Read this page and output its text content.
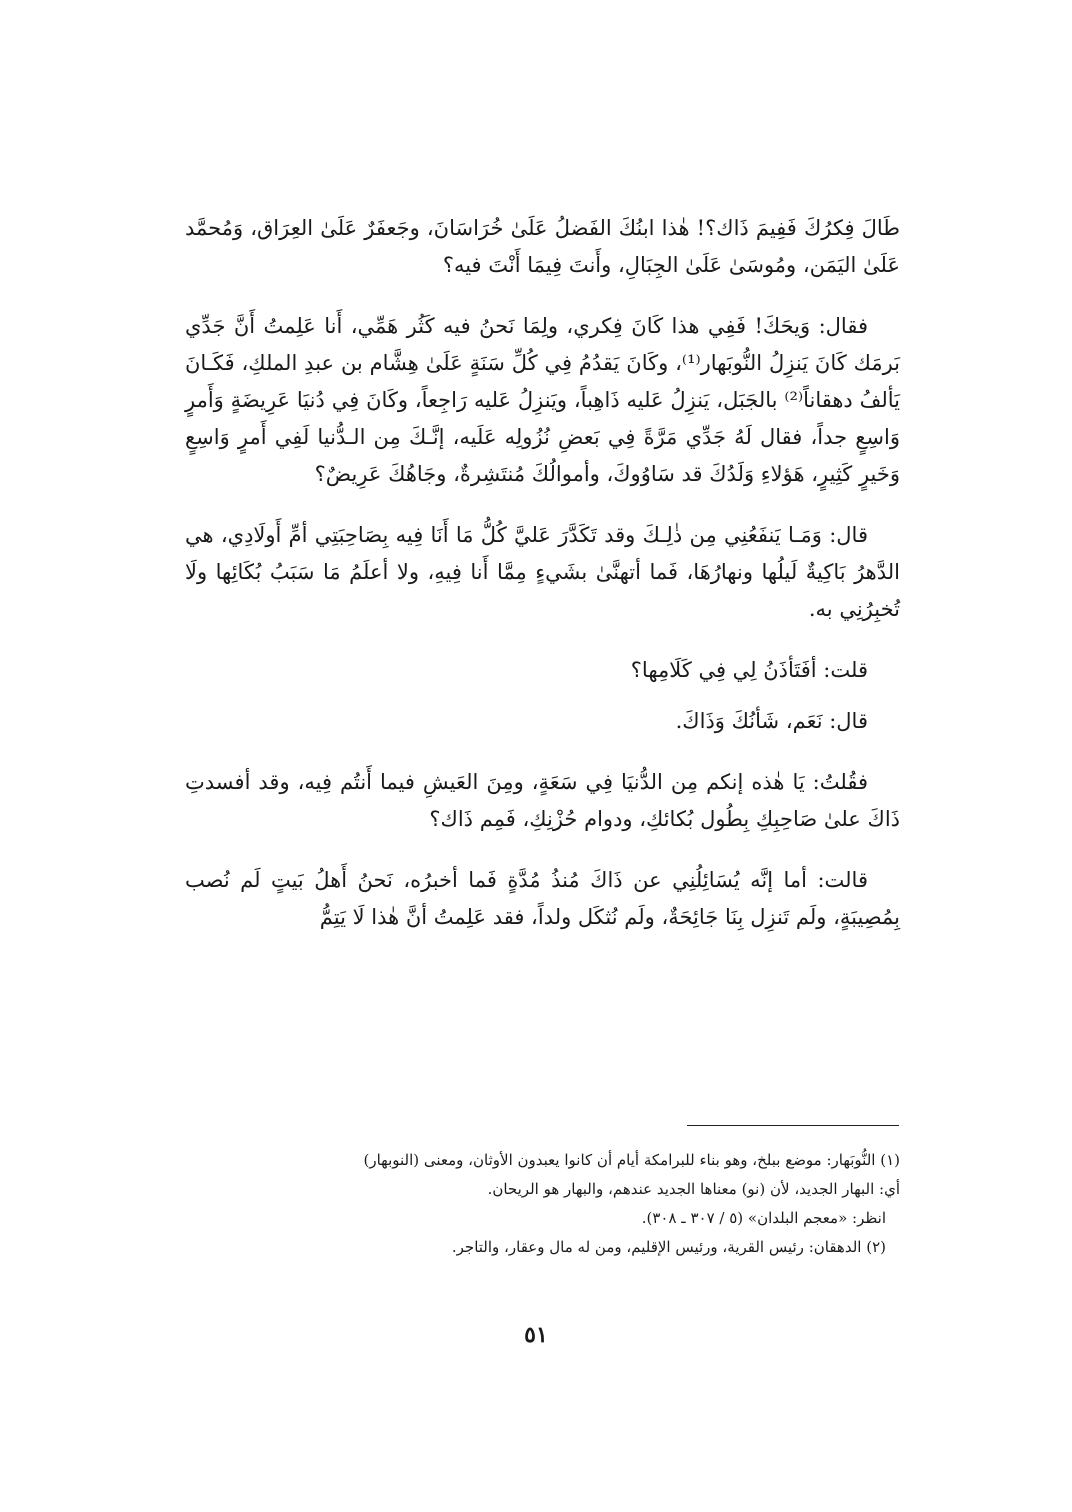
طَالَ فِكرُكَ فَفِيمَ ذَاك؟! هٰذا ابنُكَ الفَضلُ عَلَىٰ خُرَاسَانَ، وجَعفَرٌ عَلَىٰ العِرَاق، وَمُحمَّد عَلَىٰ اليَمَن، ومُوسَىٰ عَلَىٰ الجِبَالِ، وأَنتَ فِيمَا أَنْتَ فيه؟

فقال: وَيحَكَ! فَفِي هذا كَانَ فِكري، ولِمَا نَحنُ فيه كَثُر هَمِّي، أَنا عَلِمتُ أَنَّ جَدِّي بَرمَك كَانَ يَنزِلُ النُّوبَهار⁽¹⁾، وكَانَ يَقدُمُ فِي كُلِّ سَنَةٍ عَلَىٰ هِشَّام بن عبدِ الملكِ، فَكَـانَ يَألفُ دهقاناً⁽²⁾ بالجَبَل، يَنزِلُ عَليه ذَاهِباً، ويَنزِلُ عَليه رَاجِعاً، وكَانَ فِي دُنيَا عَرِيضَةٍ وَأَمرٍ وَاسِعٍ جداً، فقال لَهُ جَدِّي مَرَّةً فِي بَعضِ نُزُولِه عَلَيه، إنَّـكَ مِن الـدُّنيا لَفِي أَمرٍ وَاسِعٍ وَخَيرٍ كَثِيرٍ، هَؤلاءِ وَلَدُكَ قد سَاوُوكَ، وأموالُكَ مُنتَشِرةٌ، وجَاهُكَ عَرِيضٌ؟

قال: وَمَـا يَنفَعُنِي مِن ذٰلِـكَ وقد تَكَدَّرَ عَليَّ كُلُّ مَا أَنَا فِيه بِصَاحِبَتِي أمِّ أَولَادِي، هي الدَّهرُ بَاكِيةٌ لَيلُها ونهارُهَا، فَما أتهنَّىٰ بشَيءٍ مِمَّا أَنا فِيهِ، ولا أعلَمُ مَا سَبَبُ بُكَائِها ولَا تُخبِرُنِي به.

قلت: أفَتَأذَنُ لِي فِي كَلَامِها؟

قال: نَعَم، شَأنُكَ وَذَاكَ.

فقُلتُ: يَا هٰذه إنكم مِن الدُّنيَا فِي سَعَةٍ، ومِنَ العَيشِ فيما أَنتُم فِيه، وقد أفسدتِ ذَاكَ علىٰ صَاحِبِكِ بِطُول بُكائكِ، ودوام حُزْنِكِ، فَمِم ذَاك؟

قالت: أما إنَّه يُسَائِلُنِي عن ذَاكَ مُنذُ مُدَّةٍ فَما أخبرُه، نَحنُ أَهلُ بَيتٍ لَم نُصب بِمُصِيبَةٍ، ولَم تَنزِل بِنَا جَائِحَةٌ، ولَم نُثكَل ولداً، فقد عَلِمتُ أنَّ هٰذا لَا يَتِمُّ

(١) النُّوبَهار: موضع ببلخ، وهو بناء للبرامكة أيام أن كانوا يعبدون الأوثان، ومعنى (النوبهار)

أي: البهار الجديد، لأن (نو) معناها الجديد عندهم، والبهار هو الريحان.

انظر: «معجم البلدان» (٥ / ٣٠٧ ـ ٣٠٨).

(٢) الدهقان: رئيس القرية، ورئيس الإقليم، ومن له مال وعقار، والتاجر.

٥١
